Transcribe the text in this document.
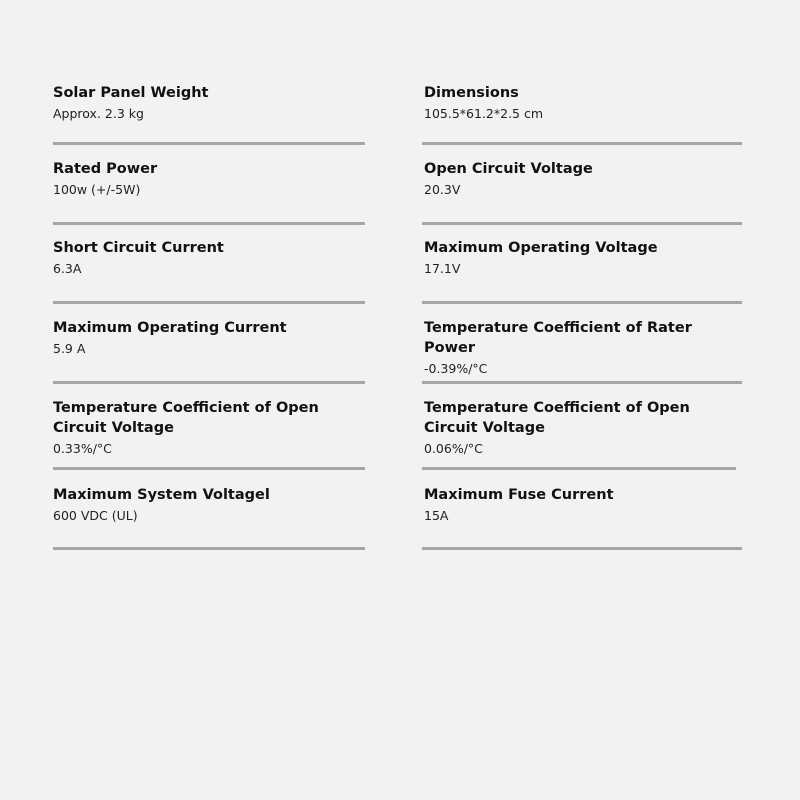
Solar Panel Weight
Approx. 2.3 kg
Dimensions
105.5*61.2*2.5 cm
Rated Power
100w (+/-5W)
Open Circuit Voltage
20.3V
Short Circuit Current
6.3A
Maximum Operating Voltage
17.1V
Maximum Operating Current
5.9 A
Temperature Coefficient of Rater Power
-0.39%/°C
Temperature Coefficient of Open Circuit Voltage
0.33%/°C
Temperature Coefficient of Open Circuit Voltage
0.06%/°C
Maximum System Voltagel
600 VDC (UL)
Maximum Fuse Current
15A
